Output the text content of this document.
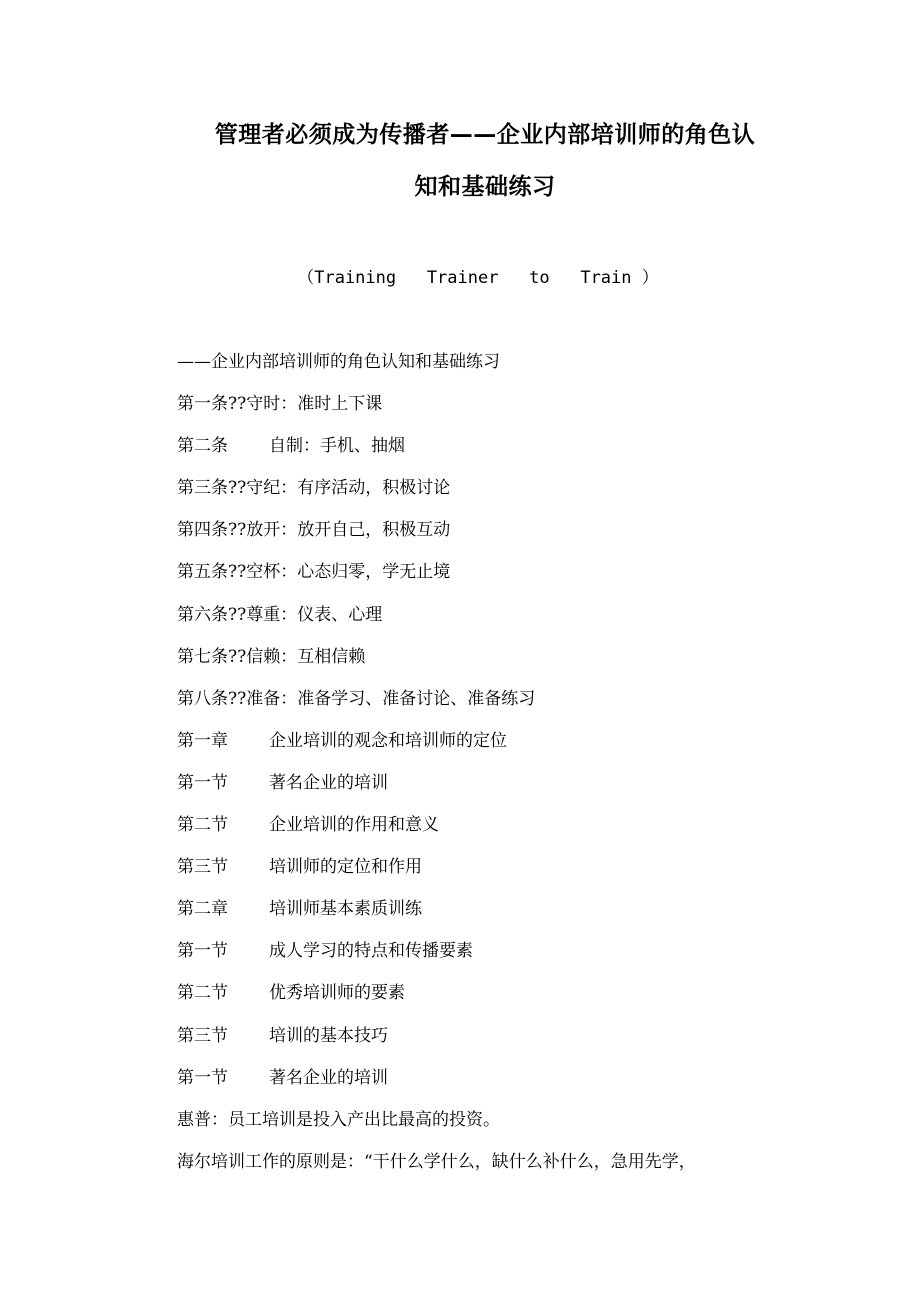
管理者必须成为传播者——企业内部培训师的角色认
知和基础练习
（Training   Trainer   to   Train ）
——企业内部培训师的角色认知和基础练习
第一条??守时：准时上下课
第二条	自制：手机、抽烟
第三条??守纪：有序活动，积极讨论
第四条??放开：放开自己，积极互动
第五条??空杯：心态归零，学无止境
第六条??尊重：仪表、心理
第七条??信赖：互相信赖
第八条??准备：准备学习、准备讨论、准备练习
第一章	企业培训的观念和培训师的定位
第一节	著名企业的培训
第二节	企业培训的作用和意义
第三节	培训师的定位和作用
第二章	培训师基本素质训练
第一节	成人学习的特点和传播要素
第二节	优秀培训师的要素
第三节	培训的基本技巧
第一节	著名企业的培训
惠普：员工培训是投入产出比最高的投资。
海尔培训工作的原则是：“干什么学什么，缺什么补什么，急用先学，
